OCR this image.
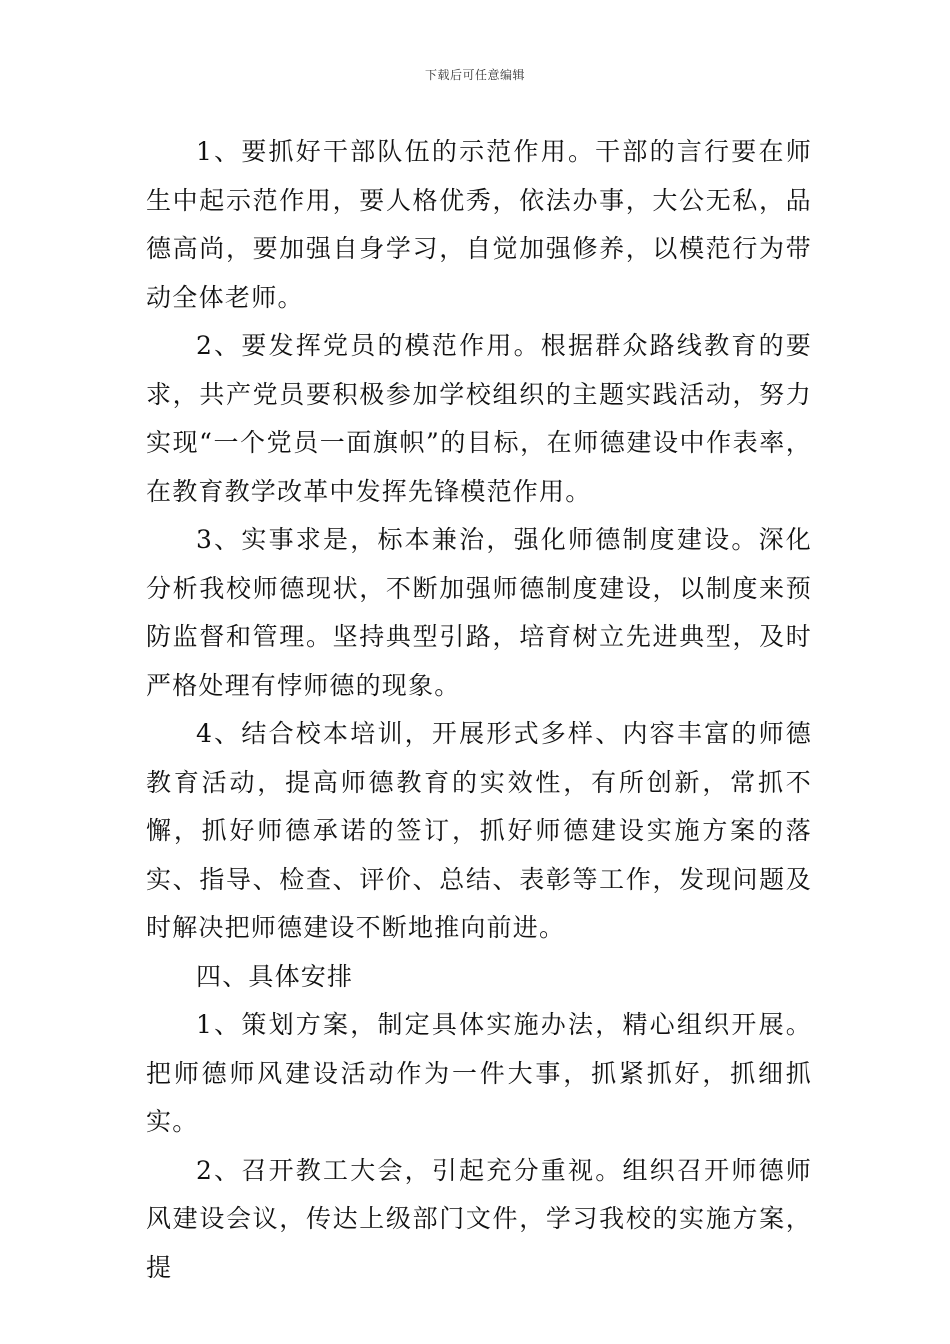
下载后可任意编辑

1、要抓好干部队伍的示范作用。干部的言行要在师生中起示范作用，要人格优秀，依法办事，大公无私，品德高尚，要加强自身学习，自觉加强修养，以模范行为带动全体老师。

2、要发挥党员的模范作用。根据群众路线教育的要求，共产党员要积极参加学校组织的主题实践活动，努力实现“一个党员一面旗帜”的目标，在师德建设中作表率，在教育教学改革中发挥先锋模范作用。

3、实事求是，标本兼治，强化师德制度建设。深化分析我校师德现状，不断加强师德制度建设，以制度来预防监督和管理。坚持典型引路，培育树立先进典型，及时严格处理有悖师德的现象。

4、结合校本培训，开展形式多样、内容丰富的师德教育活动，提高师德教育的实效性，有所创新，常抓不懈，抓好师德承诺的签订，抓好师德建设实施方案的落实、指导、检查、评价、总结、表彰等工作，发现问题及时解决把师德建设不断地推向前进。

四、具体安排

1、策划方案，制定具体实施办法，精心组织开展。把师德师风建设活动作为一件大事，抓紧抓好，抓细抓实。

2、召开教工大会，引起充分重视。组织召开师德师风建设会议，传达上级部门文件，学习我校的实施方案，提
